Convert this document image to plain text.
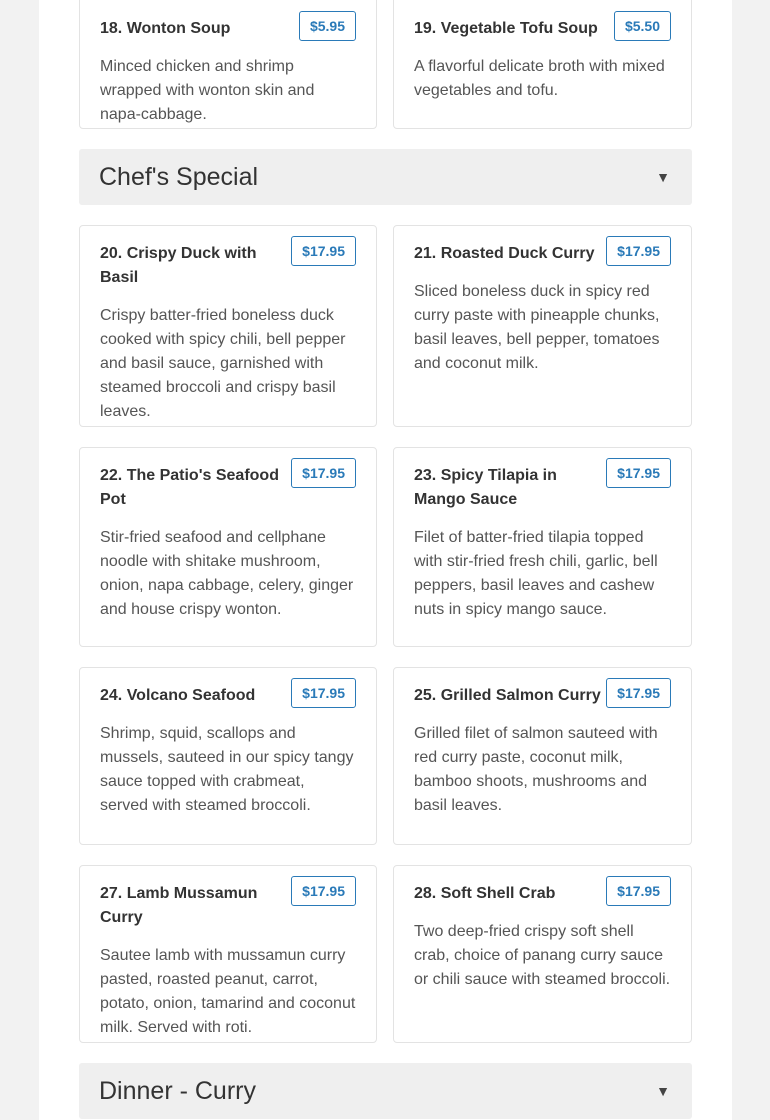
18. Wonton Soup	$5.95
Minced chicken and shrimp wrapped with wonton skin and napa-cabbage.
19. Vegetable Tofu Soup	$5.50
A flavorful delicate broth with mixed vegetables and tofu.
Chef's Special	▼
20. Crispy Duck with Basil
$17.95
Crispy batter-fried boneless duck cooked with spicy chili, bell pepper and basil sauce, garnished with steamed broccoli and crispy basil leaves.
21. Roasted Duck Curry	$17.95
Sliced boneless duck in spicy red curry paste with pineapple chunks, basil leaves, bell pepper, tomatoes and coconut milk.
22. The Patio's Seafood Pot
$17.95
Stir-fried seafood and cellphane noodle with shitake mushroom, onion, napa cabbage, celery, ginger and house crispy wonton.
23. Spicy Tilapia in Mango Sauce
$17.95
Filet of batter-fried tilapia topped with stir-fried fresh chili, garlic, bell peppers, basil leaves and cashew nuts in spicy mango sauce.
24. Volcano Seafood	$17.95
Shrimp, squid, scallops and mussels, sauteed in our spicy tangy sauce topped with crabmeat, served with steamed broccoli.
25. Grilled Salmon Curry	$17.95
Grilled filet of salmon sauteed with red curry paste, coconut milk, bamboo shoots, mushrooms and basil leaves.
27. Lamb Mussamun Curry
$17.95
Sautee lamb with mussamun curry pasted, roasted peanut, carrot, potato, onion, tamarind and coconut milk. Served with roti.
28. Soft Shell Crab	$17.95
Two deep-fried crispy soft shell crab, choice of panang curry sauce or chili sauce with steamed broccoli.
Dinner - Curry	▼
